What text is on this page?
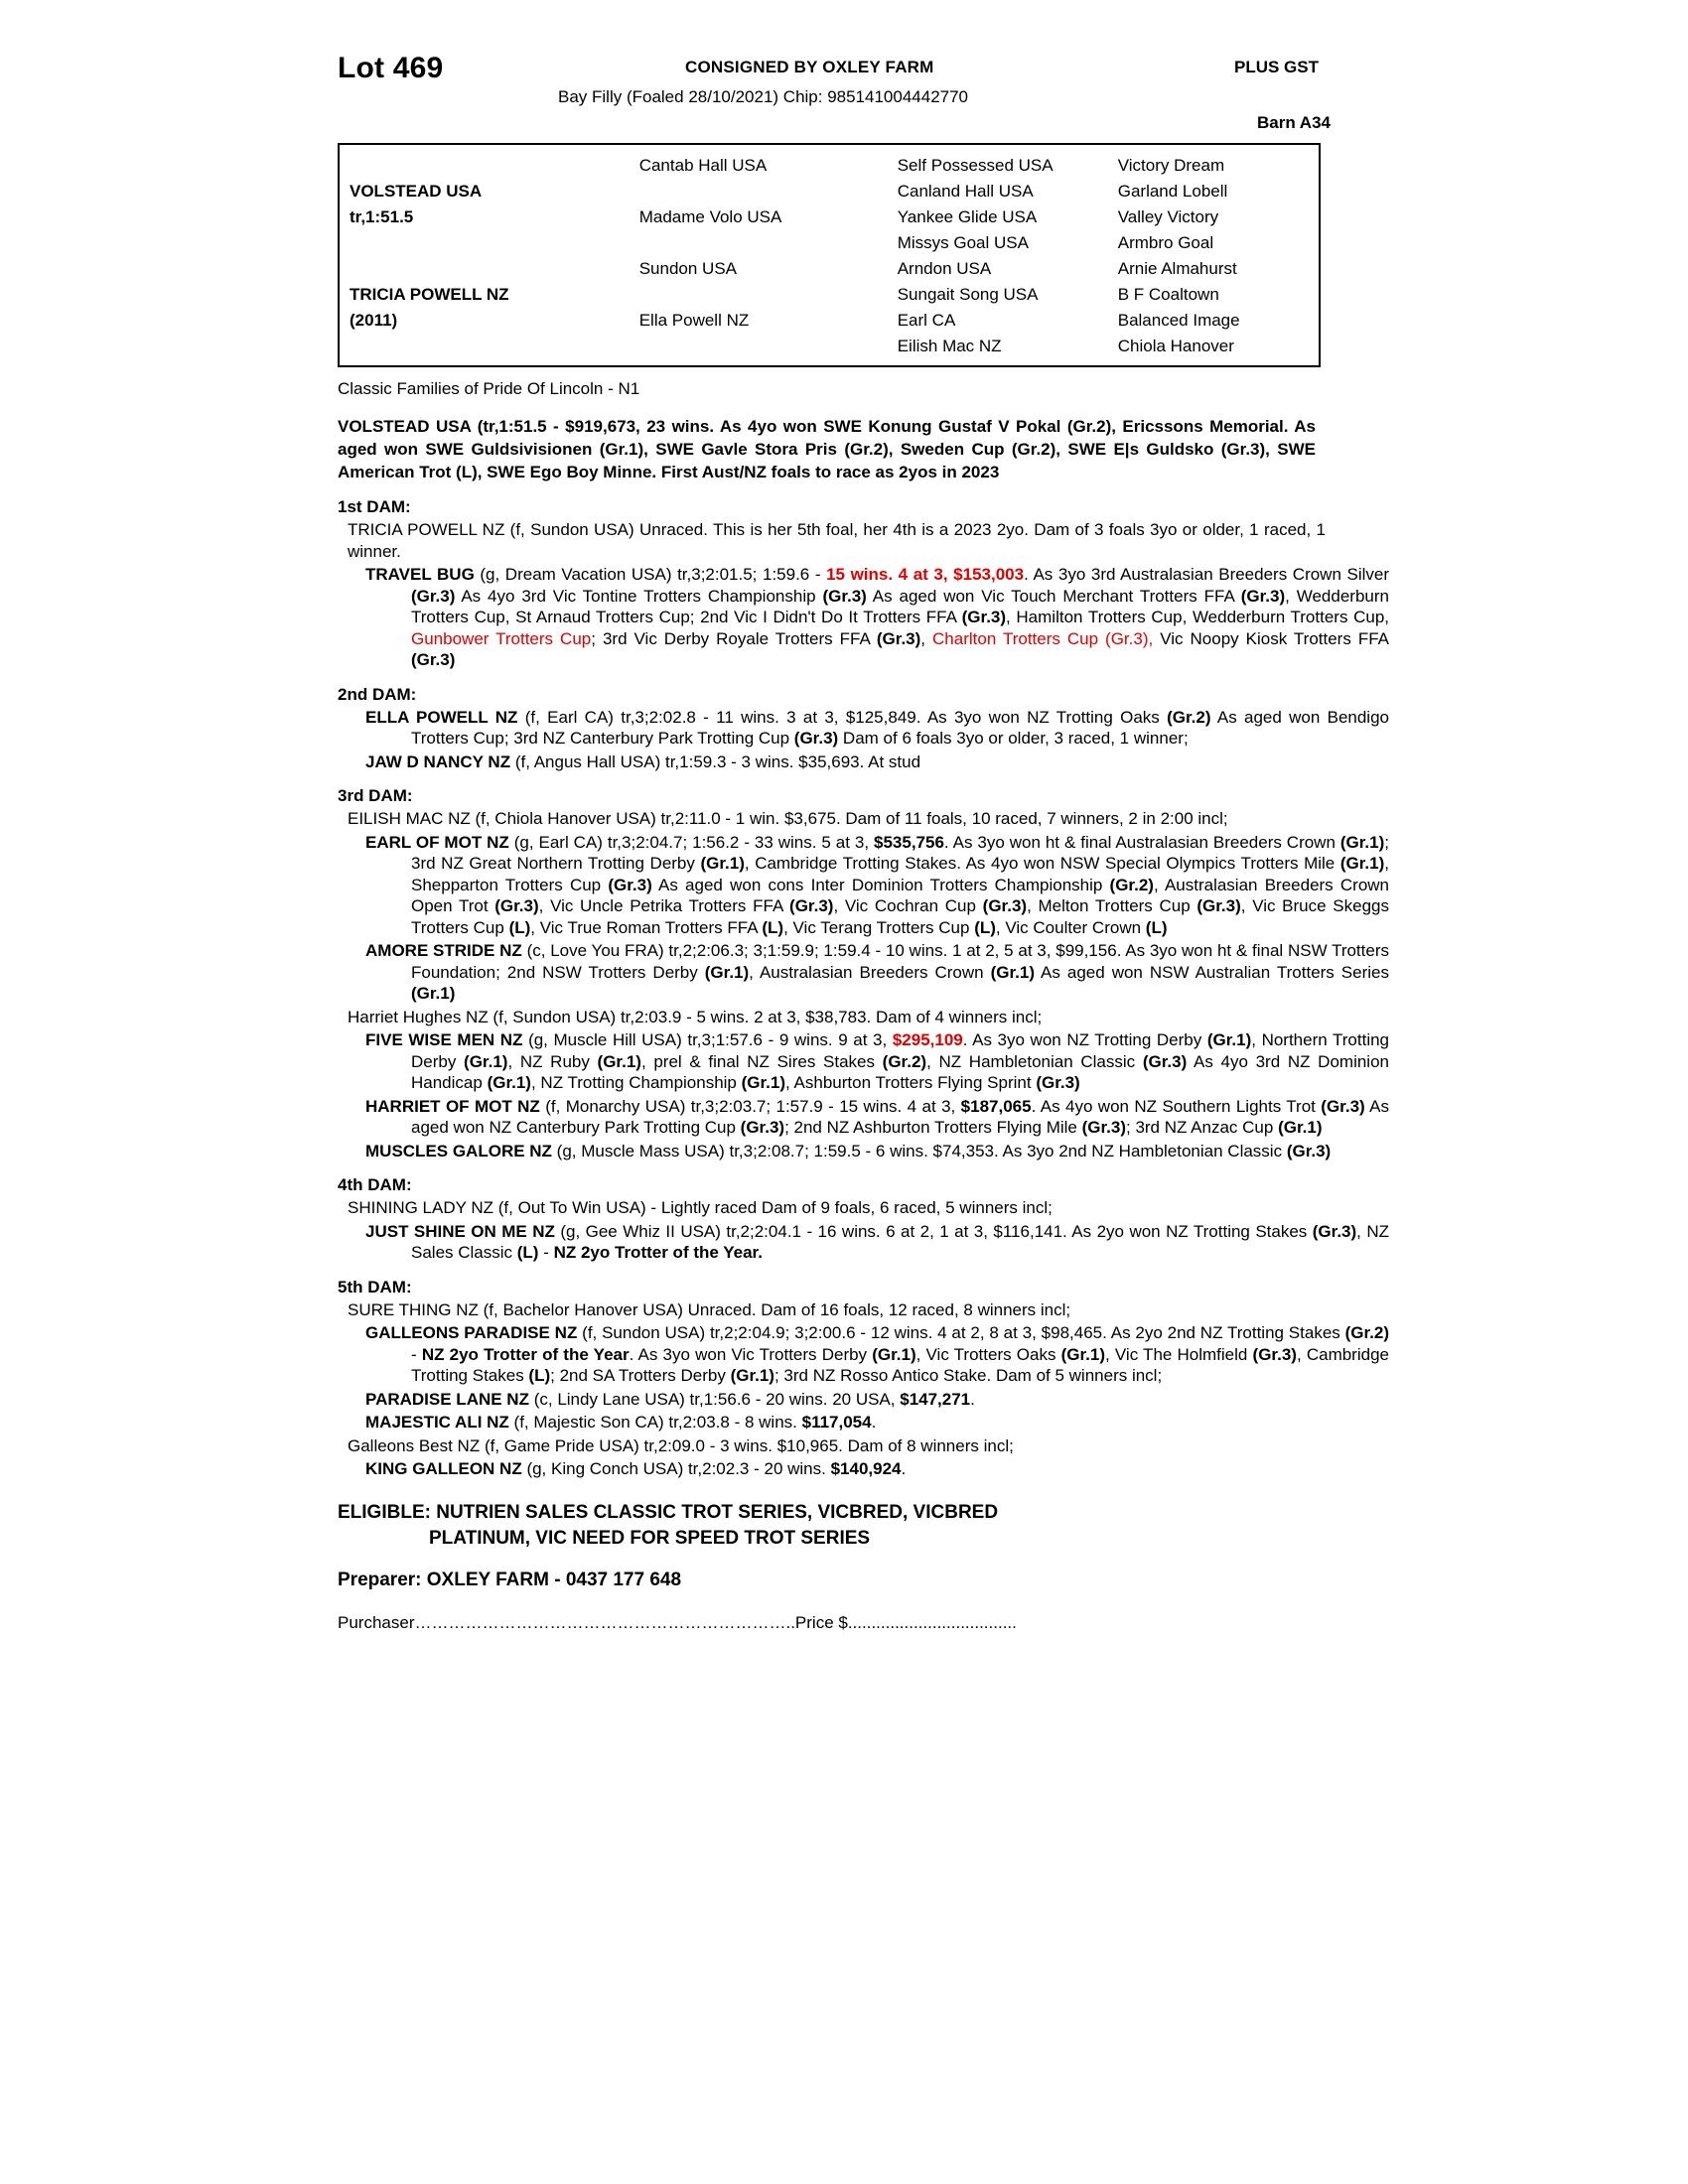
Lot 469	CONSIGNED BY OXLEY FARM	PLUS GST
Bay Filly (Foaled 28/10/2021) Chip: 985141004442770
Barn A34
	Cantab Hall USA	Self Possessed USA	Victory Dream
VOLSTEAD USA		Canland Hall USA	Garland Lobell
tr,1:51.5	Madame Volo USA	Yankee Glide USA	Valley Victory
		Missys Goal USA	Armbro Goal
	Sundon USA	Arndon USA	Arnie Almahurst
TRICIA POWELL NZ		Sungait Song USA	B F Coaltown
(2011)	Ella Powell NZ	Earl CA	Balanced Image
		Eilish Mac NZ	Chiola Hanover
Classic Families of Pride Of Lincoln - N1
VOLSTEAD USA (tr,1:51.5 - $919,673, 23 wins. As 4yo won SWE Konung Gustaf V Pokal (Gr.2), Ericssons Memorial. As aged won SWE Guldsivisionen (Gr.1), SWE Gavle Stora Pris (Gr.2), Sweden Cup (Gr.2), SWE E|s Guldsko (Gr.3), SWE American Trot (L), SWE Ego Boy Minne. First Aust/NZ foals to race as 2yos in 2023
1st DAM:
TRICIA POWELL NZ (f, Sundon USA) Unraced. This is her 5th foal, her 4th is a 2023 2yo. Dam of 3 foals 3yo or older, 1 raced, 1 winner.
TRAVEL BUG (g, Dream Vacation USA) tr,3;2:01.5; 1:59.6 - 15 wins. 4 at 3, $153,003. As 3yo 3rd Australasian Breeders Crown Silver (Gr.3) As 4yo 3rd Vic Tontine Trotters Championship (Gr.3) As aged won Vic Touch Merchant Trotters FFA (Gr.3), Wedderburn Trotters Cup, St Arnaud Trotters Cup; 2nd Vic I Didn't Do It Trotters FFA (Gr.3), Hamilton Trotters Cup, Wedderburn Trotters Cup, Gunbower Trotters Cup; 3rd Vic Derby Royale Trotters FFA (Gr.3), Charlton Trotters Cup (Gr.3), Vic Noopy Kiosk Trotters FFA (Gr.3)
2nd DAM:
ELLA POWELL NZ (f, Earl CA) tr,3;2:02.8 - 11 wins. 3 at 3, $125,849. As 3yo won NZ Trotting Oaks (Gr.2) As aged won Bendigo Trotters Cup; 3rd NZ Canterbury Park Trotting Cup (Gr.3) Dam of 6 foals 3yo or older, 3 raced, 1 winner;
JAW D NANCY NZ (f, Angus Hall USA) tr,1:59.3 - 3 wins. $35,693. At stud
3rd DAM:
EILISH MAC NZ (f, Chiola Hanover USA) tr,2:11.0 - 1 win. $3,675. Dam of 11 foals, 10 raced, 7 winners, 2 in 2:00 incl;
EARL OF MOT NZ (g, Earl CA) tr,3;2:04.7; 1:56.2 - 33 wins. 5 at 3, $535,756. As 3yo won ht & final Australasian Breeders Crown (Gr.1); 3rd NZ Great Northern Trotting Derby (Gr.1), Cambridge Trotting Stakes. As 4yo won NSW Special Olympics Trotters Mile (Gr.1), Shepparton Trotters Cup (Gr.3) As aged won cons Inter Dominion Trotters Championship (Gr.2), Australasian Breeders Crown Open Trot (Gr.3), Vic Uncle Petrika Trotters FFA (Gr.3), Vic Cochran Cup (Gr.3), Melton Trotters Cup (Gr.3), Vic Bruce Skeggs Trotters Cup (L), Vic True Roman Trotters FFA (L), Vic Terang Trotters Cup (L), Vic Coulter Crown (L)
AMORE STRIDE NZ (c, Love You FRA) tr,2;2:06.3; 3;1:59.9; 1:59.4 - 10 wins. 1 at 2, 5 at 3, $99,156. As 3yo won ht & final NSW Trotters Foundation; 2nd NSW Trotters Derby (Gr.1), Australasian Breeders Crown (Gr.1) As aged won NSW Australian Trotters Series (Gr.1)
Harriet Hughes NZ (f, Sundon USA) tr,2:03.9 - 5 wins. 2 at 3, $38,783. Dam of 4 winners incl;
FIVE WISE MEN NZ (g, Muscle Hill USA) tr,3;1:57.6 - 9 wins. 9 at 3, $295,109. As 3yo won NZ Trotting Derby (Gr.1), Northern Trotting Derby (Gr.1), NZ Ruby (Gr.1), prel & final NZ Sires Stakes (Gr.2), NZ Hambletonian Classic (Gr.3) As 4yo 3rd NZ Dominion Handicap (Gr.1), NZ Trotting Championship (Gr.1), Ashburton Trotters Flying Sprint (Gr.3)
HARRIET OF MOT NZ (f, Monarchy USA) tr,3;2:03.7; 1:57.9 - 15 wins. 4 at 3, $187,065. As 4yo won NZ Southern Lights Trot (Gr.3) As aged won NZ Canterbury Park Trotting Cup (Gr.3); 2nd NZ Ashburton Trotters Flying Mile (Gr.3); 3rd NZ Anzac Cup (Gr.1)
MUSCLES GALORE NZ (g, Muscle Mass USA) tr,3;2:08.7; 1:59.5 - 6 wins. $74,353. As 3yo 2nd NZ Hambletonian Classic (Gr.3)
4th DAM:
SHINING LADY NZ (f, Out To Win USA) - Lightly raced Dam of 9 foals, 6 raced, 5 winners incl;
JUST SHINE ON ME NZ (g, Gee Whiz II USA) tr,2;2:04.1 - 16 wins. 6 at 2, 1 at 3, $116,141. As 2yo won NZ Trotting Stakes (Gr.3), NZ Sales Classic (L) - NZ 2yo Trotter of the Year.
5th DAM:
SURE THING NZ (f, Bachelor Hanover USA) Unraced. Dam of 16 foals, 12 raced, 8 winners incl;
GALLEONS PARADISE NZ (f, Sundon USA) tr,2;2:04.9; 3;2:00.6 - 12 wins. 4 at 2, 8 at 3, $98,465. As 2yo 2nd NZ Trotting Stakes (Gr.2) - NZ 2yo Trotter of the Year. As 3yo won Vic Trotters Derby (Gr.1), Vic Trotters Oaks (Gr.1), Vic The Holmfield (Gr.3), Cambridge Trotting Stakes (L); 2nd SA Trotters Derby (Gr.1); 3rd NZ Rosso Antico Stake. Dam of 5 winners incl;
PARADISE LANE NZ (c, Lindy Lane USA) tr,1:56.6 - 20 wins. 20 USA, $147,271.
MAJESTIC ALI NZ (f, Majestic Son CA) tr,2:03.8 - 8 wins. $117,054.
Galleons Best NZ (f, Game Pride USA) tr,2:09.0 - 3 wins. $10,965. Dam of 8 winners incl;
KING GALLEON NZ (g, King Conch USA) tr,2:02.3 - 20 wins. $140,924.
ELIGIBLE: NUTRIEN SALES CLASSIC TROT SERIES, VICBRED, VICBRED
PLATINUM, VIC NEED FOR SPEED TROT SERIES
Preparer: OXLEY FARM - 0437 177 648
Purchaser…………………………………………………………..Price $....................................
